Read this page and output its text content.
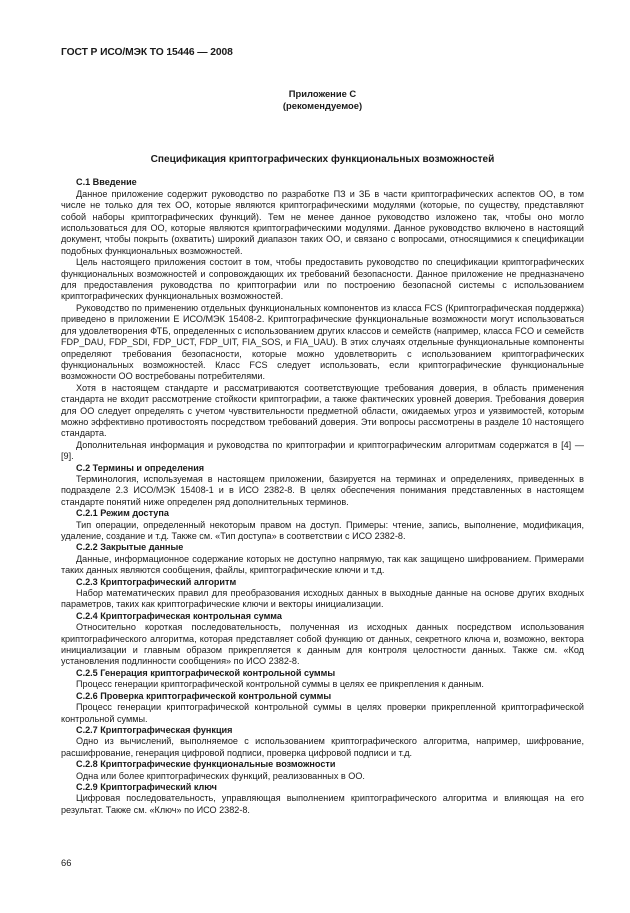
ГОСТ Р ИСО/МЭК ТО 15446 — 2008
Приложение С
(рекомендуемое)
Спецификация криптографических функциональных возможностей
С.1 Введение

Данное приложение содержит руководство по разработке ПЗ и ЗБ в части криптографических аспектов ОО, в том числе не только для тех ОО, которые являются криптографическими модулями (которые, по существу, представляют собой наборы криптографических функций). Тем не менее данное руководство изложено так, чтобы оно могло использоваться для ОО, которые являются криптографическими модулями. Данное руководство включено в настоящий документ, чтобы покрыть (охватить) широкий диапазон таких ОО, и связано с вопросами, относящимися к спецификации подобных функциональных возможностей.

Цель настоящего приложения состоит в том, чтобы предоставить руководство по спецификации криптографических функциональных возможностей и сопровождающих их требований безопасности. Данное приложение не предназначено для предоставления руководства по криптографии или по построению безопасной системы с использованием криптографических функциональных возможностей.

Руководство по применению отдельных функциональных компонентов из класса FCS (Криптографическая поддержка) приведено в приложении Е ИСО/МЭК 15408-2. Криптографические функциональные возможности могут использоваться для удовлетворения ФТБ, определенных с использованием других классов и семейств (например, класса FCO и семейств FDP_DAU, FDP_SDI, FDP_UCT, FDP_UIT, FIA_SOS, и FIA_UAU). В этих случаях отдельные функциональные компоненты определяют требования безопасности, которые можно удовлетворить с использованием криптографических функциональных возможностей. Класс FCS следует использовать, если криптографические функциональные возможности ОО востребованы потребителями.

Хотя в настоящем стандарте и рассматриваются соответствующие требования доверия, в область применения стандарта не входит рассмотрение стойкости криптографии, а также фактических уровней доверия. Требования доверия для ОО следует определять с учетом чувствительности предметной области, ожидаемых угроз и уязвимостей, которым можно эффективно противостоять посредством требований доверия. Эти вопросы рассмотрены в разделе 10 настоящего стандарта.

Дополнительная информация и руководства по криптографии и криптографическим алгоритмам содержатся в [4] — [9].

С.2 Термины и определения

Терминология, используемая в настоящем приложении, базируется на терминах и определениях, приведенных в подразделе 2.3 ИСО/МЭК 15408-1 и в ИСО 2382-8. В целях обеспечения понимания представленных в настоящем стандарте понятий ниже определен ряд дополнительных терминов.

С.2.1 Режим доступа

Тип операции, определенный некоторым правом на доступ. Примеры: чтение, запись, выполнение, модификация, удаление, создание и т.д. Также см. «Тип доступа» в соответствии с ИСО 2382-8.

С.2.2 Закрытые данные

Данные, информационное содержание которых не доступно напрямую, так как защищено шифрованием. Примерами таких данных являются сообщения, файлы, криптографические ключи и т.д.

С.2.3 Криптографический алгоритм

Набор математических правил для преобразования исходных данных в выходные данные на основе других входных параметров, таких как криптографические ключи и векторы инициализации.

С.2.4 Криптографическая контрольная сумма

Относительно короткая последовательность, полученная из исходных данных посредством использования криптографического алгоритма, которая представляет собой функцию от данных, секретного ключа и, возможно, вектора инициализации и главным образом прикрепляется к данным для контроля целостности данных. Также см. «Код установления подлинности сообщения» по ИСО 2382-8.

С.2.5 Генерация криптографической контрольной суммы

Процесс генерации криптографической контрольной суммы в целях ее прикрепления к данным.

С.2.6 Проверка криптографической контрольной суммы

Процесс генерации криптографической контрольной суммы в целях проверки прикрепленной криптографической контрольной суммы.

С.2.7 Криптографическая функция

Одно из вычислений, выполняемое с использованием криптографического алгоритма, например, шифрование, расшифрование, генерация цифровой подписи, проверка цифровой подписи и т.д.

С.2.8 Криптографические функциональные возможности

Одна или более криптографических функций, реализованных в ОО.

С.2.9 Криптографический ключ

Цифровая последовательность, управляющая выполнением криптографического алгоритма и влияющая на его результат. Также см. «Ключ» по ИСО 2382-8.

66
